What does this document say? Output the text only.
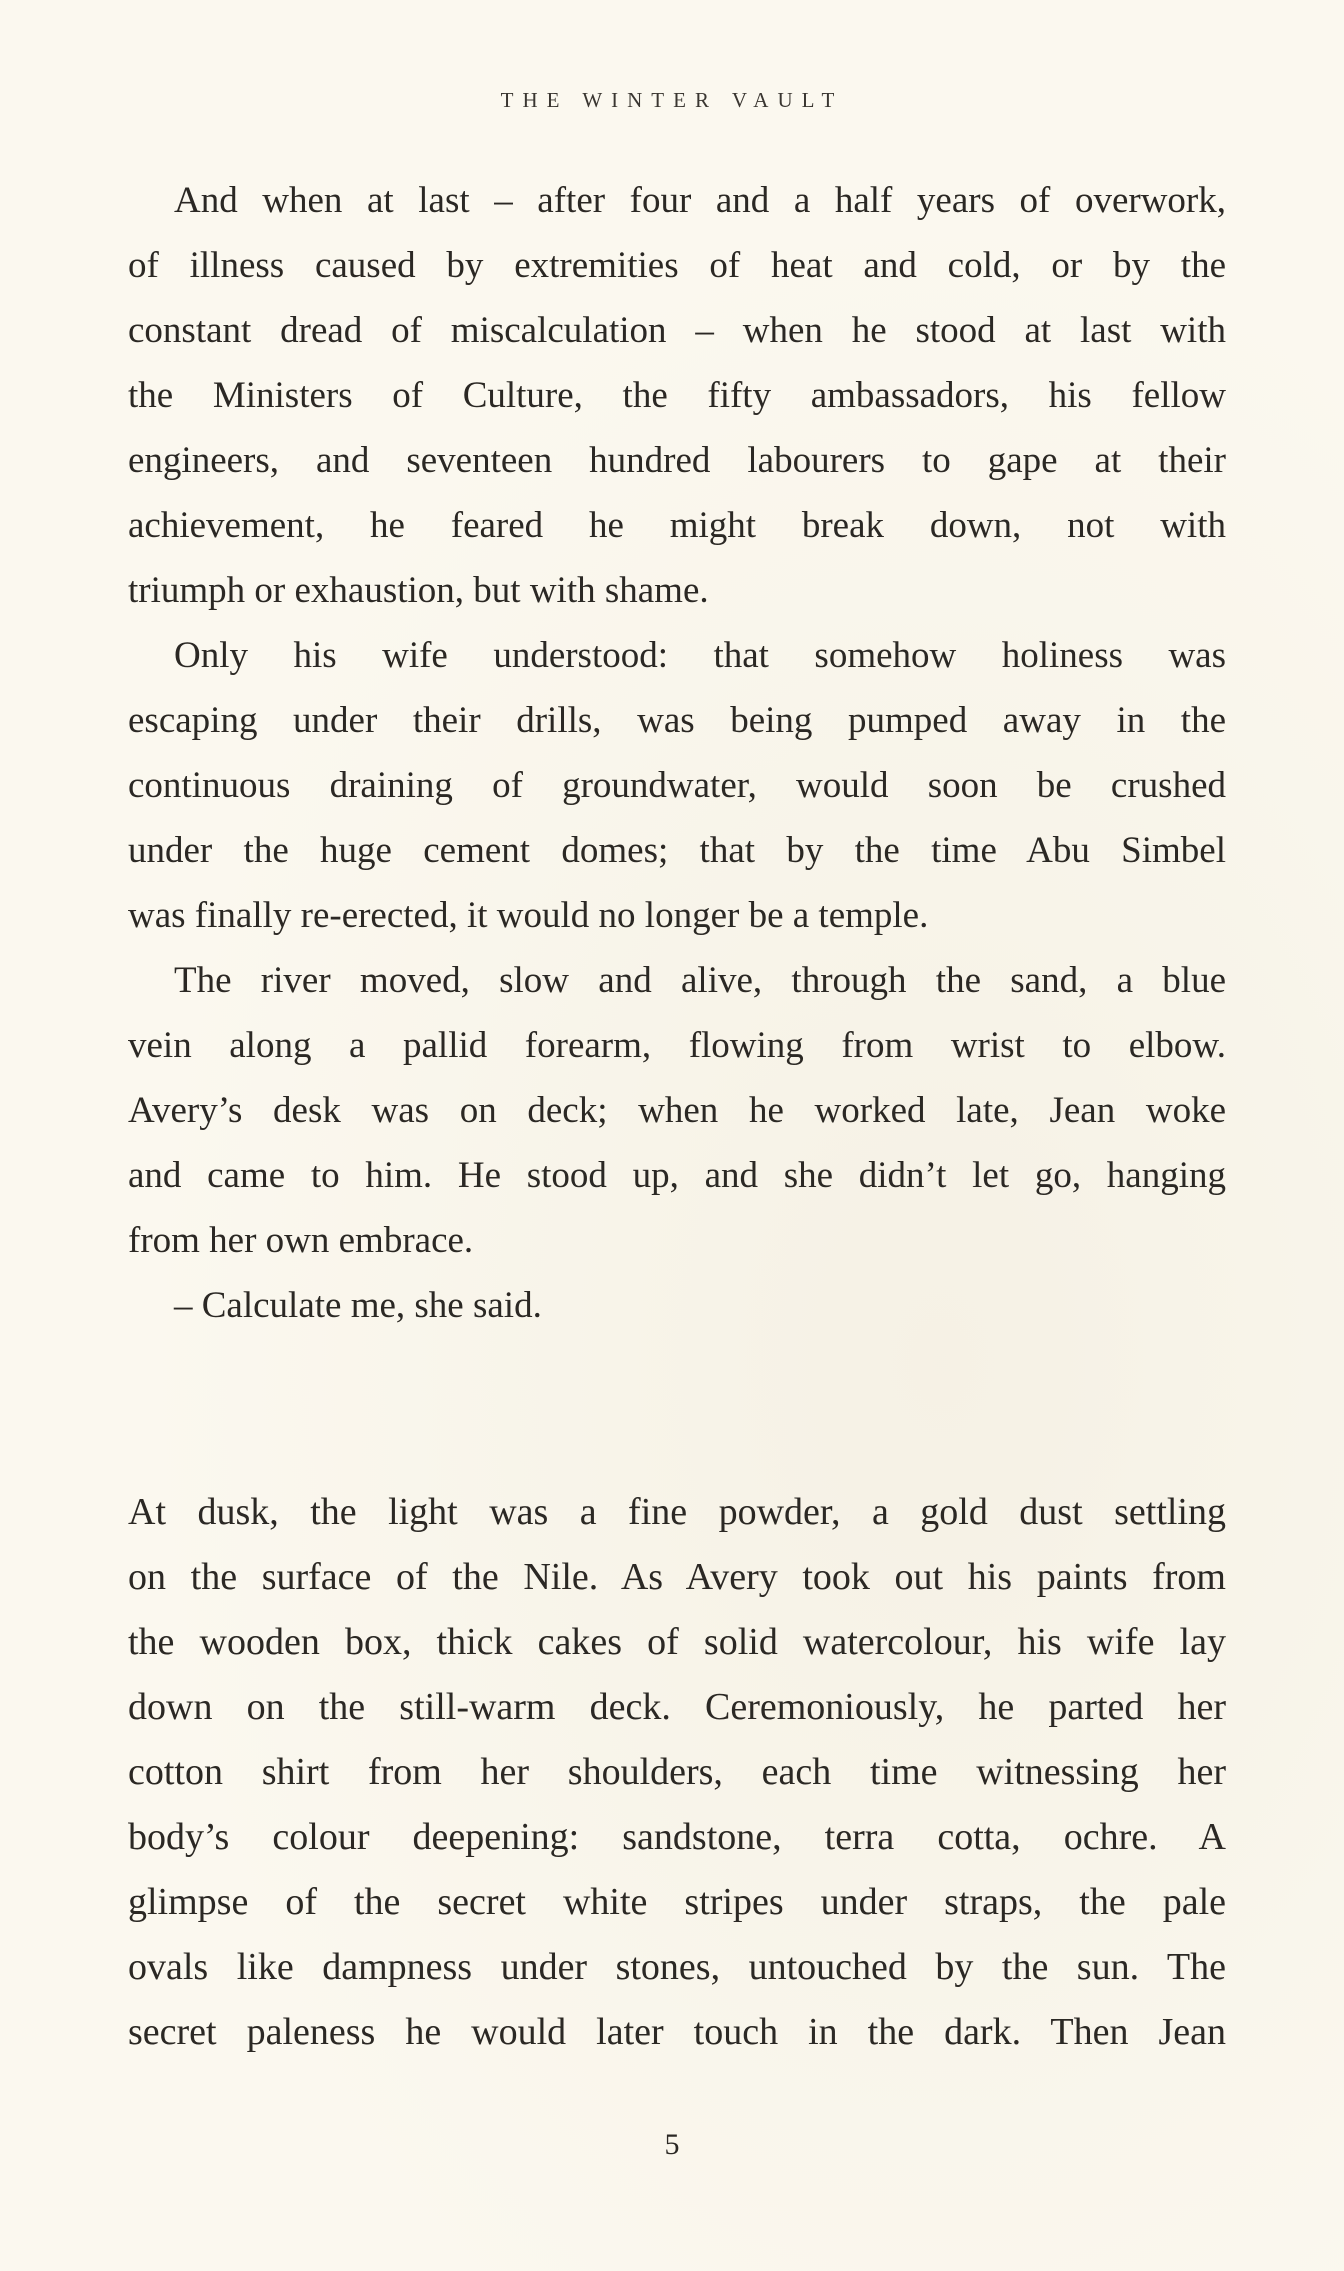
THE WINTER VAULT
And when at last – after four and a half years of overwork,
of illness caused by extremities of heat and cold, or by the
constant dread of miscalculation – when he stood at last with
the Ministers of Culture, the fifty ambassadors, his fellow
engineers, and seventeen hundred labourers to gape at their
achievement, he feared he might break down, not with
triumph or exhaustion, but with shame.
Only his wife understood: that somehow holiness was
escaping under their drills, was being pumped away in the
continuous draining of groundwater, would soon be crushed
under the huge cement domes; that by the time Abu Simbel
was finally re-erected, it would no longer be a temple.
The river moved, slow and alive, through the sand, a blue
vein along a pallid forearm, flowing from wrist to elbow.
Avery’s desk was on deck; when he worked late, Jean woke
and came to him. He stood up, and she didn’t let go, hanging
from her own embrace.
– Calculate me, she said.
At dusk, the light was a fine powder, a gold dust settling
on the surface of the Nile. As Avery took out his paints from
the wooden box, thick cakes of solid watercolour, his wife lay
down on the still-warm deck. Ceremoniously, he parted her
cotton shirt from her shoulders, each time witnessing her
body’s colour deepening: sandstone, terra cotta, ochre. A
glimpse of the secret white stripes under straps, the pale
ovals like dampness under stones, untouched by the sun. The
secret paleness he would later touch in the dark. Then Jean
5
